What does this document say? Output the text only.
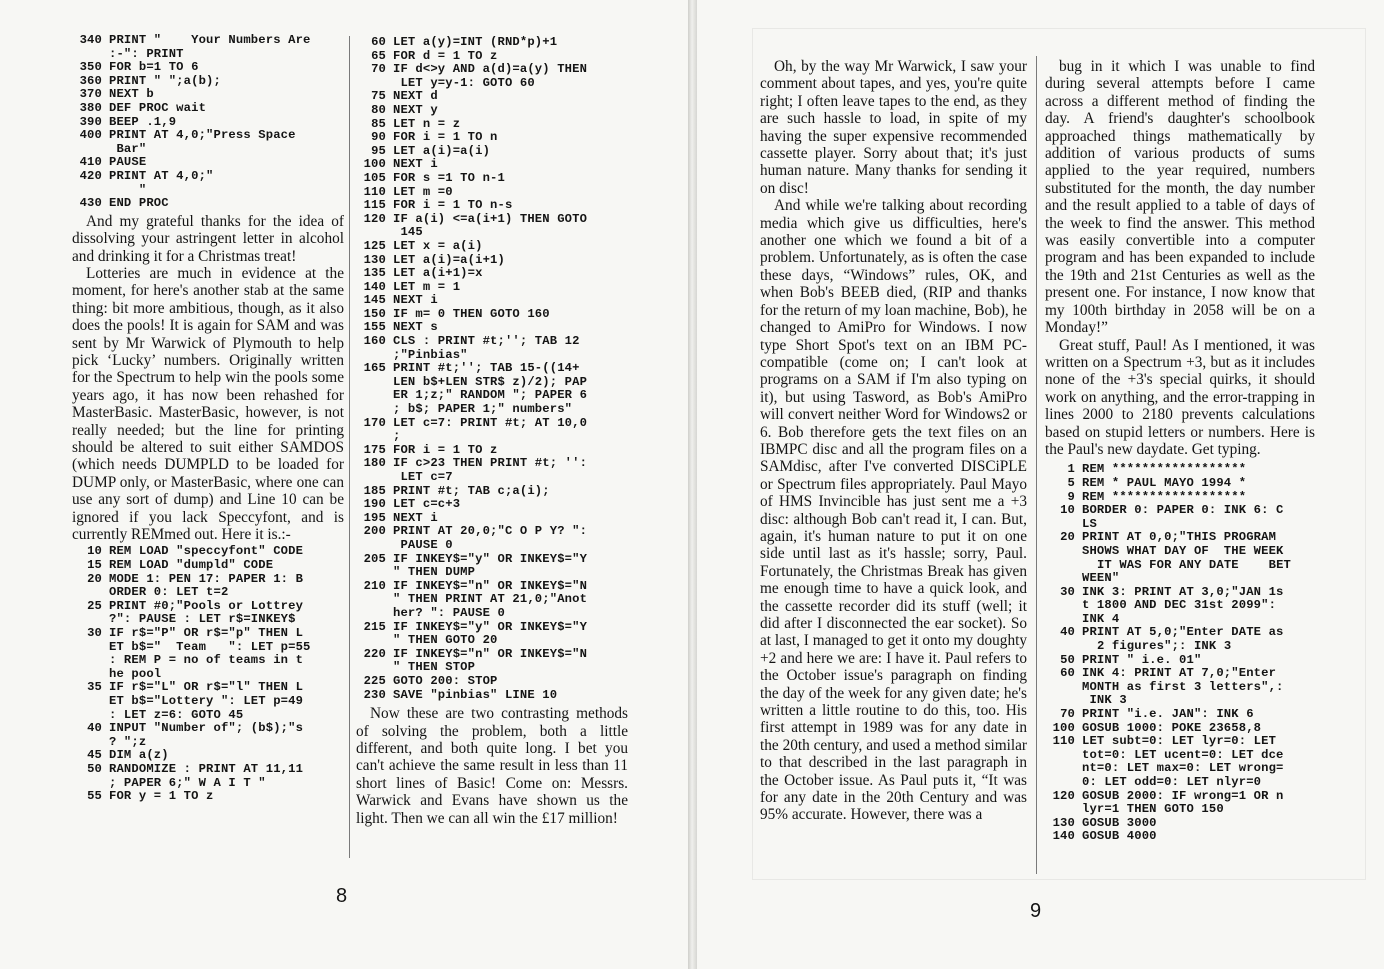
340 PRINT "    Your Numbers Are
:-": PRINT
350 FOR b=1 TO 6
360 PRINT " ";a(b);
370 NEXT b
380 DEF PROC wait
390 BEEP .1,9
400 PRINT AT 4,0;"Press Space
Bar"
410 PAUSE
420 PRINT AT 4,0;"
"
430 END PROC

And my grateful thanks for the idea of dissolving your astringent letter in alcohol and drinking it for a Christmas treat!

Lotteries are much in evidence at the moment, for here's another stab at the same thing: bit more ambitious, though, as it also does the pools! It is again for SAM and was sent by Mr Warwick of Plymouth to help pick ‘Lucky’ numbers. Originally written for the Spectrum to help win the pools some years ago, it has now been rehashed for MasterBasic. MasterBasic, however, is not really needed; but the line for printing should be altered to suit either SAMDOS (which needs DUMPLD to be loaded for DUMP only, or MasterBasic, where one can use any sort of dump) and Line 10 can be ignored if you lack Speccyfont, and is currently REMmed out. Here it is.:-

10 REM LOAD "speccyfont" CODE
15 REM LOAD "dumpld" CODE
20 MODE 1: PEN 17: PAPER 1: B
ORDER 0: LET t=2
25 PRINT #0;"Pools or Lottrey
?": PAUSE : LET r$=INKEY$
30 IF r$="P" OR r$="p" THEN L
ET b$="  Team   ": LET p=55
: REM P = no of teams in t
he pool
35 IF r$="L" OR r$="l" THEN L
ET b$="Lottery ": LET p=49
: LET z=6: GOTO 45
40 INPUT "Number of"; (b$);"s
? ";z
45 DIM a(z)
50 RANDOMIZE : PRINT AT 11,11
; PAPER 6;" W A I T "
55 FOR y = 1 TO z
60 LET a(y)=INT (RND*p)+1
65 FOR d = 1 TO z
70 IF d<>y AND a(d)=a(y) THEN
LET y=y-1: GOTO 60
75 NEXT d
80 NEXT y
85 LET n = z
90 FOR i = 1 TO n
95 LET a(i)=a(i)
100 NEXT i
105 FOR s =1 TO n-1
110 LET m =0
115 FOR i = 1 TO n-s
120 IF a(i) <=a(i+1) THEN GOTO
145
125 LET x = a(i)
130 LET a(i)=a(i+1)
135 LET a(i+1)=x
140 LET m = 1
145 NEXT i
150 IF m= 0 THEN GOTO 160
155 NEXT s
160 CLS : PRINT #t;''; TAB 12
;"Pinbias"
165 PRINT #t;''; TAB 15-((14+
LEN b$+LEN STR$ z)/2); PAP
ER 1;z;" RANDOM "; PAPER 6
; b$; PAPER 1;" numbers"
170 LET c=7: PRINT #t; AT 10,0
;
175 FOR i = 1 TO z
180 IF c>23 THEN PRINT #t; '':
LET c=7
185 PRINT #t; TAB c;a(i);
190 LET c=c+3
195 NEXT i
200 PRINT AT 20,0;"C O P Y? ":
PAUSE 0
205 IF INKEY$="y" OR INKEY$="Y
" THEN DUMP
210 IF INKEY$="n" OR INKEY$="N
" THEN PRINT AT 21,0;"Anot
her? ": PAUSE 0
215 IF INKEY$="y" OR INKEY$="Y
" THEN GOTO 20
220 IF INKEY$="n" OR INKEY$="N
" THEN STOP
225 GOTO 200: STOP
230 SAVE "pinbias" LINE 10

Now these are two contrasting methods of solving the problem, both a little different, and both quite long. I bet you can't achieve the same result in less than 11 short lines of Basic! Come on: Messrs. Warwick and Evans have shown us the light. Then we can all win the £17 million!

8

Oh, by the way Mr Warwick, I saw your comment about tapes, and yes, you're quite right; I often leave tapes to the end, as they are such hassle to load, in spite of my having the super expensive recommended cassette player. Sorry about that; it's just human nature. Many thanks for sending it on disc!

And while we're talking about recording media which give us difficulties, here's another one which we found a bit of a problem. Unfortunately, as is often the case these days, “Windows” rules, OK, and when Bob's BEEB died, (RIP and thanks for the return of my loan machine, Bob), he changed to AmiPro for Windows. I now type Short Spot's text on an IBM PC-compatible (come on; I can't look at programs on a SAM if I'm also typing on it), but using Tasword, as Bob's AmiPro will convert neither Word for Windows2 or 6. Bob therefore gets the text files on an IBMPC disc and all the program files on a SAMdisc, after I've converted DISCiPLE or Spectrum files appropriately. Paul Mayo of HMS Invincible has just sent me a +3 disc: although Bob can't read it, I can. But, again, it's human nature to put it on one side until last as it's hassle; sorry, Paul. Fortunately, the Christmas Break has given me enough time to have a quick look, and the cassette recorder did its stuff (well; it did after I disconnected the ear socket). So at last, I managed to get it onto my doughty +2 and here we are: I have it. Paul refers to the October issue's paragraph on finding the day of the week for any given date; he's written a little routine to do this, too. His first attempt in 1989 was for any date in the 20th century, and used a method similar to that described in the last paragraph in the October issue. As Paul puts it, “It was for any date in the 20th Century and was 95% accurate. However, there was a

bug in it which I was unable to find during several attempts before I came across a different method of finding the day. A friend's daughter's schoolbook approached things mathematically by addition of various products of sums applied to the year required, numbers substituted for the month, the day number and the result applied to a table of days of the week to find the answer. This method was easily convertible into a computer program and has been expanded to include the 19th and 21st Centuries as well as the present one. For instance, I now know that my 100th birthday in 2058 will be on a Monday!”

Great stuff, Paul! As I mentioned, it was written on a Spectrum +3, but as it includes none of the +3's special quirks, it should work on anything, and the error-trapping in lines 2000 to 2180 prevents calculations based on stupid letters or numbers. Here is the Paul's new daydate. Get typing.

1 REM ******************
5 REM * PAUL MAYO 1994 *
9 REM ******************
10 BORDER 0: PAPER 0: INK 6: C
LS
20 PRINT AT 0,0;"THIS PROGRAM
SHOWS WHAT DAY OF  THE WEEK
IT WAS FOR ANY DATE    BET
WEEN"
30 INK 3: PRINT AT 3,0;"JAN 1s
t 1800 AND DEC 31st 2099":
INK 4
40 PRINT AT 5,0;"Enter DATE as
2 figures";: INK 3
50 PRINT " i.e. 01"
60 INK 4: PRINT AT 7,0;"Enter
MONTH as first 3 letters",:
INK 3
70 PRINT "i.e. JAN": INK 6
100 GOSUB 1000: POKE 23658,8
110 LET subt=0: LET lyr=0: LET
tot=0: LET ucent=0: LET dce
nt=0: LET max=0: LET wrong=
0: LET odd=0: LET nlyr=0
120 GOSUB 2000: IF wrong=1 OR n
lyr=1 THEN GOTO 150
130 GOSUB 3000
140 GOSUB 4000
9
